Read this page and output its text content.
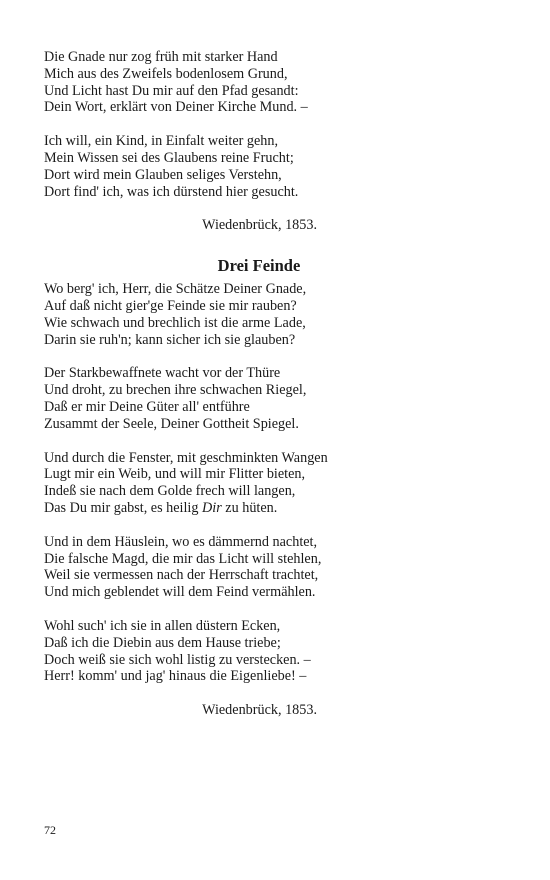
Die Gnade nur zog früh mit starker Hand
Mich aus des Zweifels bodenlosem Grund,
Und Licht hast Du mir auf den Pfad gesandt:
Dein Wort, erklärt von Deiner Kirche Mund. –
Ich will, ein Kind, in Einfalt weiter gehn,
Mein Wissen sei des Glaubens reine Frucht;
Dort wird mein Glauben seliges Verstehn,
Dort find' ich, was ich dürstend hier gesucht.
Wiedenbrück, 1853.
Drei Feinde
Wo berg' ich, Herr, die Schätze Deiner Gnade,
Auf daß nicht gier'ge Feinde sie mir rauben?
Wie schwach und brechlich ist die arme Lade,
Darin sie ruh'n; kann sicher ich sie glauben?
Der Starkbewaffnete wacht vor der Thüre
Und droht, zu brechen ihre schwachen Riegel,
Daß er mir Deine Güter all' entführe
Zusammt der Seele, Deiner Gottheit Spiegel.
Und durch die Fenster, mit geschminkten Wangen
Lugt mir ein Weib, und will mir Flitter bieten,
Indeß sie nach dem Golde frech will langen,
Das Du mir gabst, es heilig Dir zu hüten.
Und in dem Häuslein, wo es dämmernd nachtet,
Die falsche Magd, die mir das Licht will stehlen,
Weil sie vermessen nach der Herrschaft trachtet,
Und mich geblendet will dem Feind vermählen.
Wohl such' ich sie in allen düstern Ecken,
Daß ich die Diebin aus dem Hause triebe;
Doch weiß sie sich wohl listig zu verstecken. –
Herr! komm' und jag' hinaus die Eigenliebe! –
Wiedenbrück, 1853.
72
